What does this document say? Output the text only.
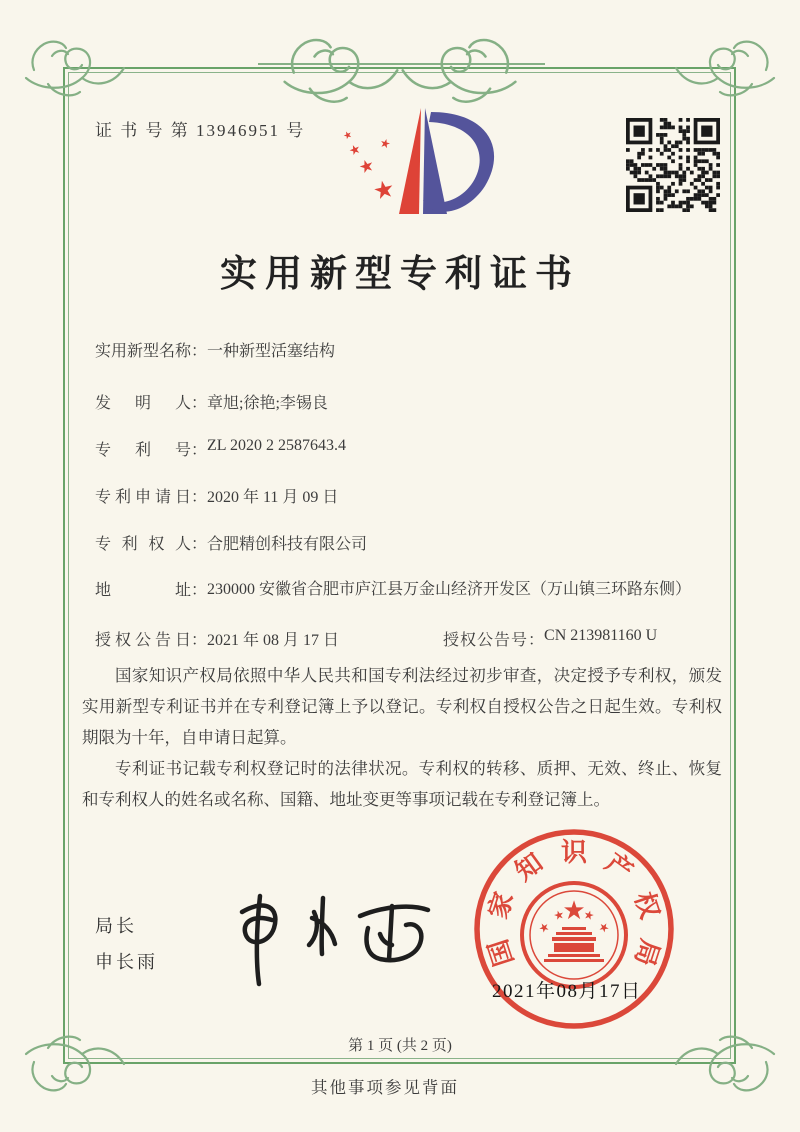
证 书 号 第 13946951 号
★
★
★
★ ★
实用新型专利证书
实用新型名称：一种新型活塞结构
发明人：章旭;徐艳;李锡良
专利号：ZL 2020 2 2587643.4
专利申请日：2020 年 11 月 09 日
专利权人：合肥精创科技有限公司
地址：230000 安徽省合肥市庐江县万金山经济开发区（万山镇三环路东侧）
授权公告日：2021 年 08 月 17 日	授权公告号：CN 213981160 U

国家知识产权局依照中华人民共和国专利法经过初步审查，决定授予专利权，颁发实用新型专利证书并在专利登记簿上予以登记。专利权自授权公告之日起生效。专利权期限为十年，自申请日起算。

专利证书记载专利权登记时的法律状况。专利权的转移、质押、无效、终止、恢复和专利权人的姓名或名称、国籍、地址变更等事项记载在专利登记簿上。

局长
申长雨
★
★
★ ★
★
国
家
知 识 产
权
局
2021年08月17日
第 1 页 (共 2 页)
其他事项参见背面
